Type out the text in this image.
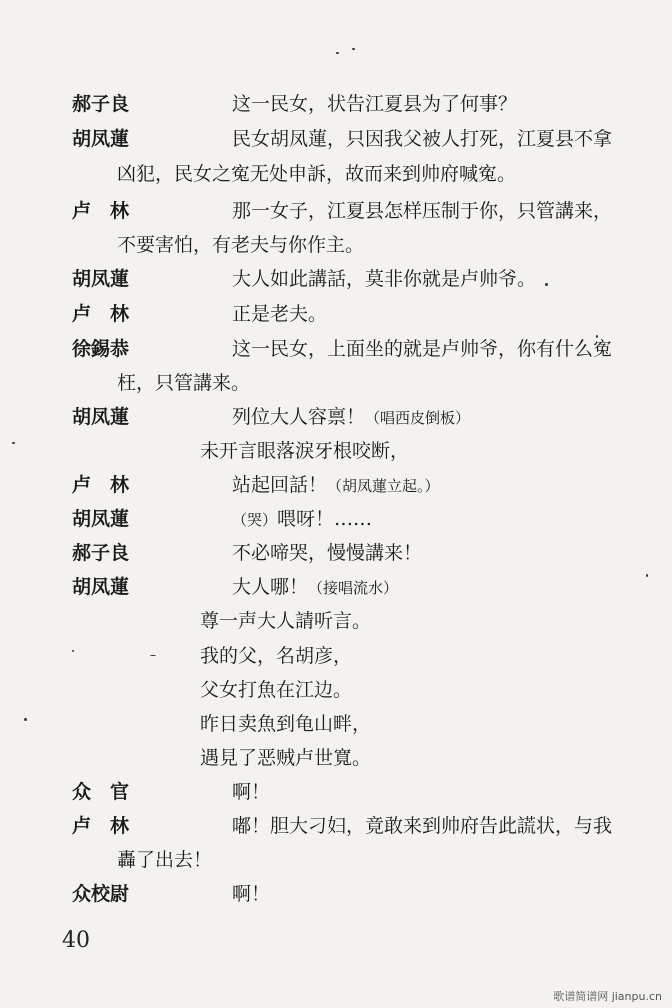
郝子良	这一民女，状告江夏县为了何事？
胡凤蓮	民女胡凤蓮，只因我父被人打死，江夏县不拿
凶犯，民女之寃无处申訴，故而来到帅府喊寃。
卢　林	那一女子，江夏县怎样压制于你，只管講来，
不要害怕，有老夫与你作主。
胡凤蓮	大人如此講話，莫非你就是卢帅爷。
卢　林	正是老夫。
徐錫恭	这一民女，上面坐的就是卢帅爷，你有什么寃
枉，只管講来。
胡凤蓮	列位大人容禀！（唱西皮倒板）
未开言眼落淚牙根咬断，
卢　林	站起回話！（胡凤蓮立起。）
胡凤蓮	（哭）喂呀！……
郝子良	不必啼哭，慢慢講来！
胡凤蓮	大人哪！（接唱流水）
尊一声大人請听言。
我的父，名胡彦，
父女打魚在江边。
昨日卖魚到龟山畔，
遇見了恶贼卢世寬。
众　官	啊！
卢　林	嘟！胆大刁妇，竟敢来到帅府告此謊状，与我
轟了出去！
众校尉	啊！
40
歌谱简谱网 jianpu.cn
